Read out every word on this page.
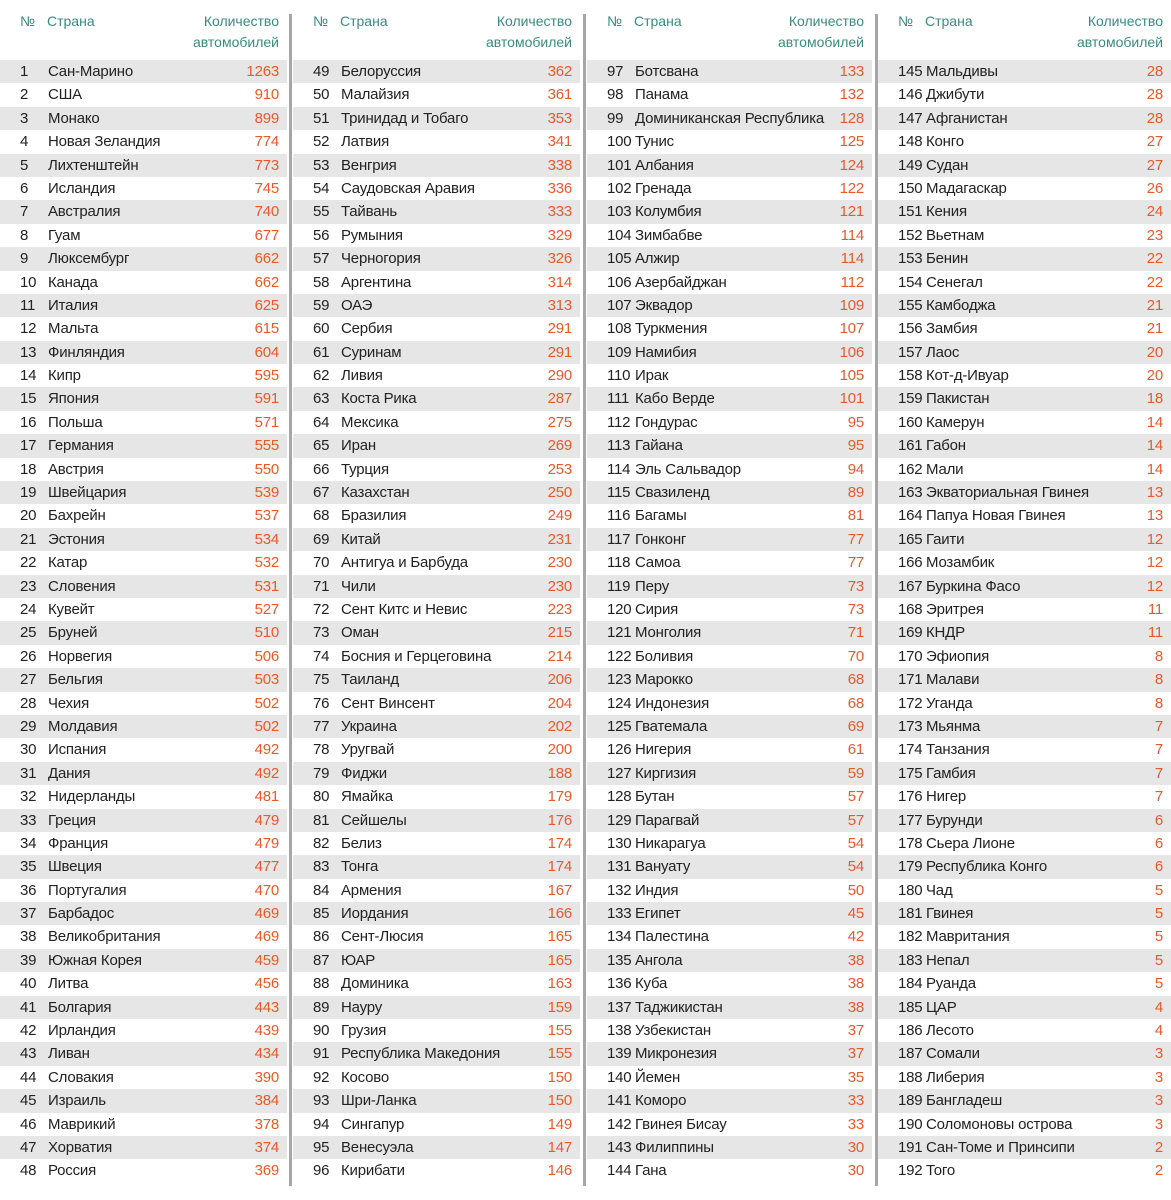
№ Страна	Количество
автомобилей
1 Сан-Марино	1263
2 США	910
3 Монако	899
4 Новая Зеландия	774
5 Лихтенштейн	773
6 Исландия	745
7 Австралия	740
8 Гуам	677
9 Люксембург	662
10 Канада	662
11 Италия	625
12 Мальта	615
13 Финляндия	604
14 Кипр	595
15 Япония	591
16 Польша	571
17 Германия	555
18 Австрия	550
19 Швейцария	539
20 Бахрейн	537
21 Эстония	534
22 Катар	532
23 Словения	531
24 Кувейт	527
25 Бруней	510
26 Норвегия	506
27 Бельгия	503
28 Чехия	502
29 Молдавия	502
30 Испания	492
31 Дания	492
32 Нидерланды	481
33 Греция	479
34 Франция	479
35 Швеция	477
36 Португалия	470
37 Барбадос	469
38 Великобритания	469
39 Южная Корея	459
40 Литва	456
41 Болгария	443
42 Ирландия	439
43 Ливан	434
44 Словакия	390
45 Израиль	384
46 Маврикий	378
47 Хорватия	374
48 Россия	369
№ Страна	Количество
автомобилей
49 Белоруссия	362
50 Малайзия	361
51 Тринидад и Тобаго	353
52 Латвия	341
53 Венгрия	338
54 Саудовская Аравия	336
55 Тайвань	333
56 Румыния	329
57 Черногория	326
58 Аргентина	314
59 ОАЭ	313
60 Сербия	291
61 Суринам	291
62 Ливия	290
63 Коста Рика	287
64 Мексика	275
65 Иран	269
66 Турция	253
67 Казахстан	250
68 Бразилия	249
69 Китай	231
70 Антигуа и Барбуда	230
71 Чили	230
72 Сент Китс и Невис	223
73 Оман	215
74 Босния и Герцеговина	214
75 Таиланд	206
76 Сент Винсент	204
77 Украина	202
78 Уругвай	200
79 Фиджи	188
80 Ямайка	179
81 Сейшелы	176
82 Белиз	174
83 Тонга	174
84 Армения	167
85 Иордания	166
86 Сент-Люсия	165
87 ЮАР	165
88 Доминика	163
89 Науру	159
90 Грузия	155
91 Республика Македония	155
92 Косово	150
93 Шри-Ланка	150
94 Сингапур	149
95 Венесуэла	147
96 Кирибати	146
№ Страна	Количество
автомобилей
97 Ботсвана	133
98 Панама	132
99 Доминиканская Республика 128
100 Тунис	125
101 Албания	124
102 Гренада	122
103 Колумбия	121
104 Зимбабве	114
105 Алжир	114
106 Азербайджан	112
107 Эквадор	109
108 Туркмения	107
109 Намибия	106
110 Ирак	105
111 Кабо Верде	101
112 Гондурас	95
113 Гайана	95
114 Эль Сальвадор	94
115 Свазиленд	89
116 Багамы	81
117 Гонконг	77
118 Самоа	77
119 Перу	73
120 Сирия	73
121 Монголия	71
122 Боливия	70
123 Марокко	68
124 Индонезия	68
125 Гватемала	69
126 Нигерия	61
127 Киргизия	59
128 Бутан	57
129 Парагвай	57
130 Никарагуа	54
131 Вануату	54
132 Индия	50
133 Египет	45
134 Палестина	42
135 Ангола	38
136 Куба	38
137 Таджикистан	38
138 Узбекистан	37
139 Микронезия	37
140 Йемен	35
141 Коморо	33
142 Гвинея Бисау	33
143 Филиппины	30
144 Гана	30
№ Страна	Количество
автомобилей
145 Мальдивы	28
146 Джибути	28
147 Афганистан	28
148 Конго	27
149 Судан	27
150 Мадагаскар	26
151 Кения	24
152 Вьетнам	23
153 Бенин	22
154 Сенегал	22
155 Камбоджа	21
156 Замбия	21
157 Лаос	20
158 Кот-д-Ивуар	20
159 Пакистан	18
160 Камерун	14
161 Габон	14
162 Мали	14
163 Экваториальная Гвинея	13
164 Папуа Новая Гвинея	13
165 Гаити	12
166 Мозамбик	12
167 Буркина Фасо	12
168 Эритрея	11
169 КНДР	11
170 Эфиопия	8
171 Малави	8
172 Уганда	8
173 Мьянма	7
174 Танзания	7
175 Гамбия	7
176 Нигер	7
177 Бурунди	6
178 Сьера Лионе	6
179 Республика Конго	6
180 Чад	5
181 Гвинея	5
182 Мавритания	5
183 Непал	5
184 Руанда	5
185 ЦАР	4
186 Лесото	4
187 Сомали	3
188 Либерия	3
189 Бангладеш	3
190 Соломоновы острова	3
191 Сан-Томе и Принсипи	2
192 Того	2
